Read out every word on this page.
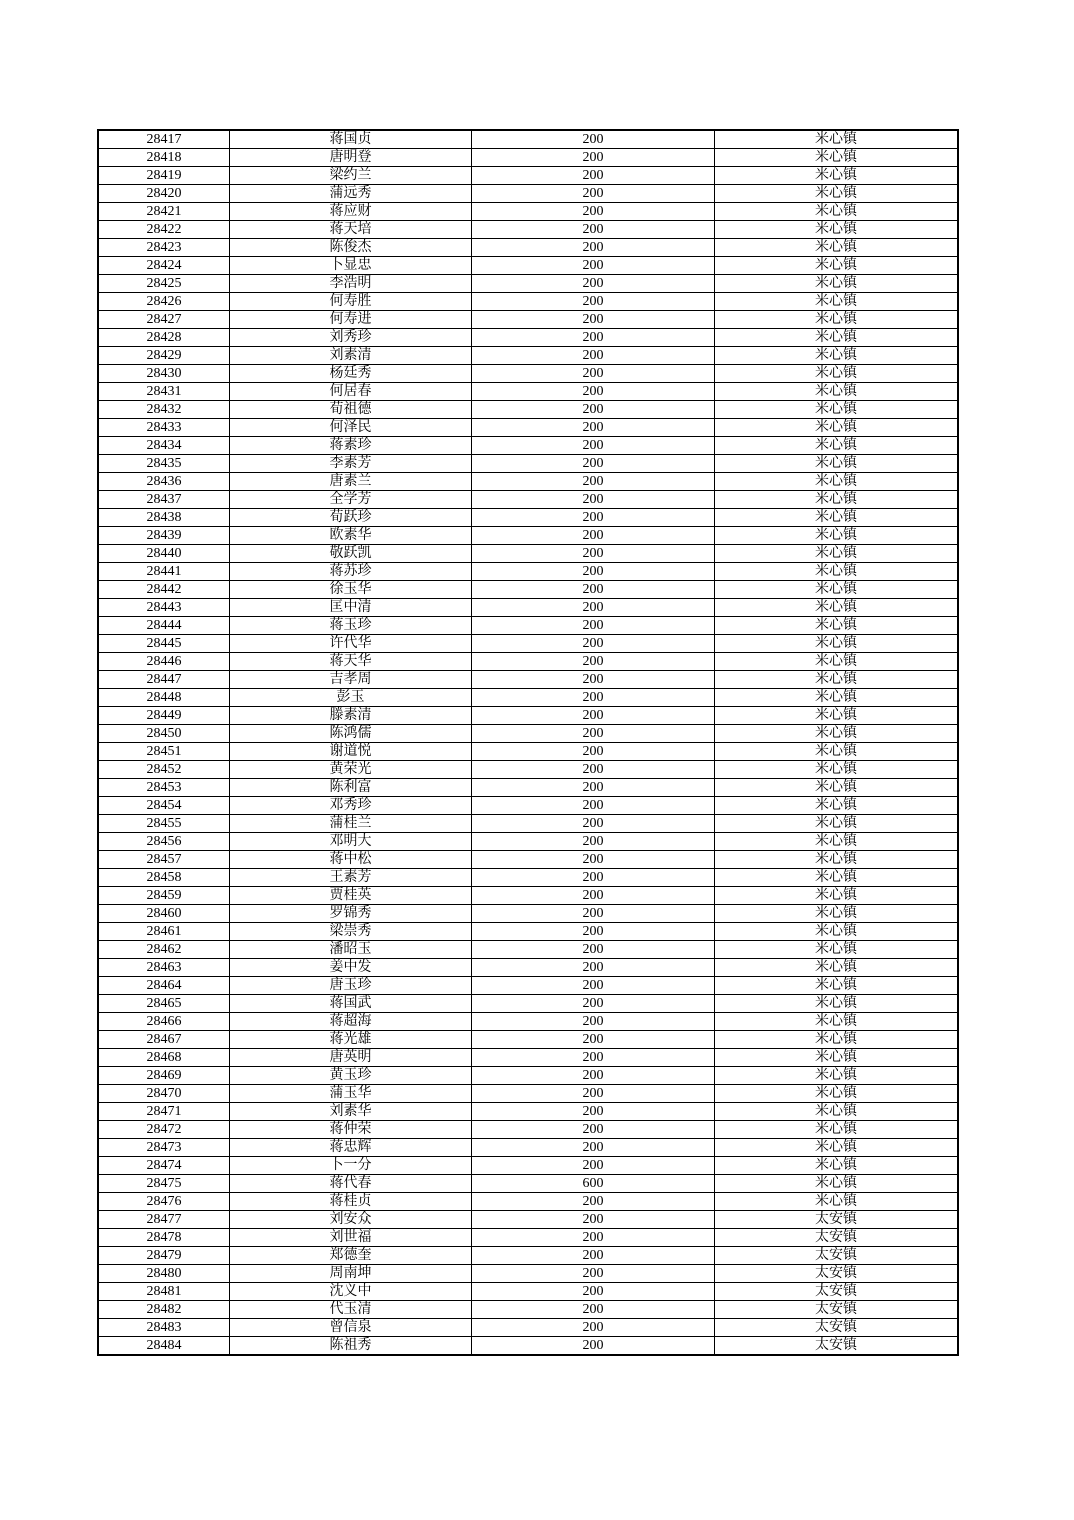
28417	蒋国贞	200	米心镇
28418	唐明登	200	米心镇
28419	梁约兰	200	米心镇
28420	蒲远秀	200	米心镇
28421	蒋应财	200	米心镇
28422	蒋天培	200	米心镇
28423	陈俊杰	200	米心镇
28424	卜显忠	200	米心镇
28425	李浩明	200	米心镇
28426	何寿胜	200	米心镇
28427	何寿进	200	米心镇
28428	刘秀珍	200	米心镇
28429	刘素清	200	米心镇
28430	杨廷秀	200	米心镇
28431	何居春	200	米心镇
28432	荀祖德	200	米心镇
28433	何泽民	200	米心镇
28434	蒋素珍	200	米心镇
28435	李素芳	200	米心镇
28436	唐素兰	200	米心镇
28437	全学芳	200	米心镇
28438	荀跃珍	200	米心镇
28439	欧素华	200	米心镇
28440	敬跃凯	200	米心镇
28441	蒋苏珍	200	米心镇
28442	徐玉华	200	米心镇
28443	匡中清	200	米心镇
28444	蒋玉珍	200	米心镇
28445	许代华	200	米心镇
28446	蒋天华	200	米心镇
28447	吉孝周	200	米心镇
28448	彭玉	200	米心镇
28449	滕素清	200	米心镇
28450	陈鸿儒	200	米心镇
28451	谢道悦	200	米心镇
28452	黄荣光	200	米心镇
28453	陈利富	200	米心镇
28454	邓秀珍	200	米心镇
28455	蒲桂兰	200	米心镇
28456	邓明大	200	米心镇
28457	蒋中松	200	米心镇
28458	王素芳	200	米心镇
28459	贾桂英	200	米心镇
28460	罗锦秀	200	米心镇
28461	梁崇秀	200	米心镇
28462	潘昭玉	200	米心镇
28463	姜中发	200	米心镇
28464	唐玉珍	200	米心镇
28465	蒋国武	200	米心镇
28466	蒋超海	200	米心镇
28467	蒋光雄	200	米心镇
28468	唐英明	200	米心镇
28469	黄玉珍	200	米心镇
28470	蒲玉华	200	米心镇
28471	刘素华	200	米心镇
28472	蒋仲荣	200	米心镇
28473	蒋忠辉	200	米心镇
28474	卜一分	200	米心镇
28475	蒋代春	600	米心镇
28476	蒋桂贞	200	米心镇
28477	刘安众	200	太安镇
28478	刘世福	200	太安镇
28479	郑德奎	200	太安镇
28480	周南坤	200	太安镇
28481	沈义中	200	太安镇
28482	代玉清	200	太安镇
28483	曾信泉	200	太安镇
28484	陈祖秀	200	太安镇
